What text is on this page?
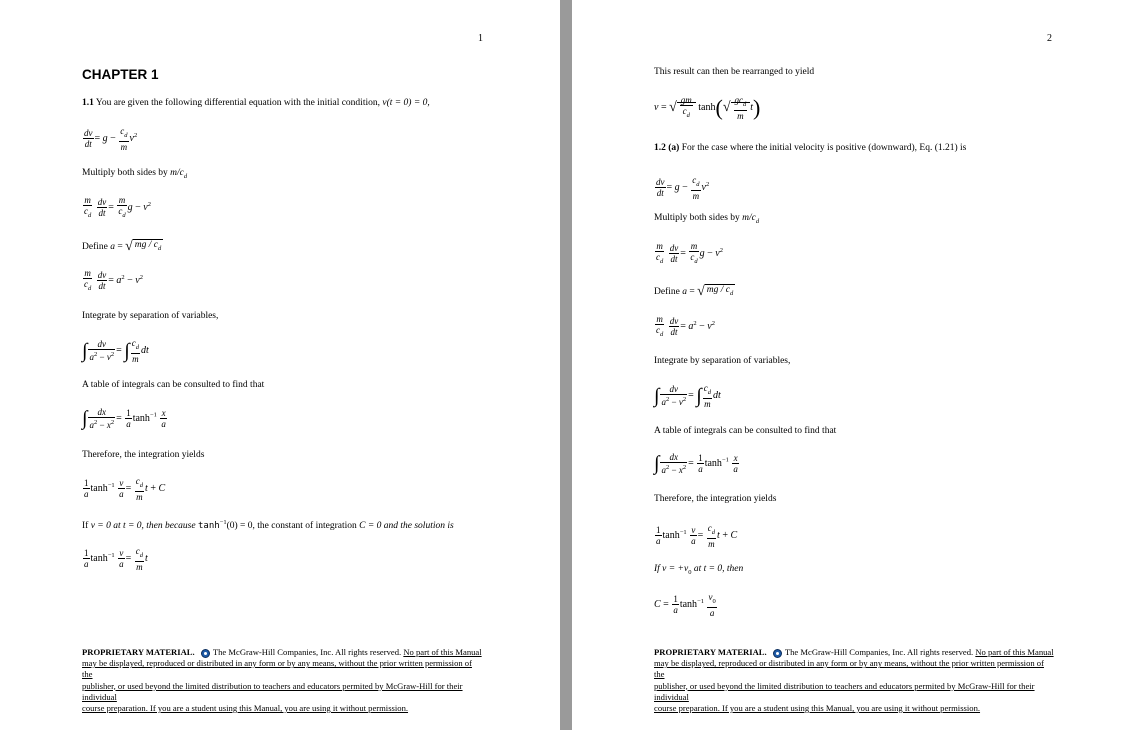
1
CHAPTER 1
1.1 You are given the following differential equation with the initial condition, v(t = 0) = 0,
$\frac{dv}{dt} = g - \frac{c_d}{m} v^2$
Multiply both sides by $m/c_d$
$\frac{m}{c_d}$
$\frac{dv}{dt} = \frac{m}{c_d}$ $g - v^2$
Define a = √ mg / $c_d$
$\frac{m}{c_d}$
$\frac{dv}{dt} = a^2 - v^2$
Integrate by separation of variables,
∫ $\frac{dv}{a^2 - v^2}$ = ∫ $\frac{c_d}{m}$ dt
A table of integrals can be consulted to find that
∫ $\frac{dx}{a^2 - x^2} = \frac{1}{a} \tanh^{-1} \frac{x}{a}$
Therefore, the integration yields
$\frac{1}{a} \tanh^{-1} \frac{v}{a} = \frac{c_d}{m}$ t + C
If v = 0 at t = 0, then because $\tanh^{-1}(0) = 0$, the constant of integration C = 0 and the solution is
$\frac{1}{a} \tanh^{-1} \frac{v}{a} = \frac{c_d}{m}$ t
PROPRIETARY MATERIAL. The McGraw-Hill Companies, Inc. All rights reserved. No part of this Manual
may be displayed, reproduced or distributed in any form or by any means, without the prior written permission of the
publisher, or used beyond the limited distribution to teachers and educators permited by McGraw-Hill for their individual
course preparation. If you are a student using this Manual, you are using it without permission.
2
This result can then be rearranged to yield
v = √ $\frac{gm}{c_d} \tanh(√ \frac{gc_d}{m} t)$
1.2 (a) For the case where the initial velocity is positive (downward), Eq. (1.21) is
$\frac{dv}{dt} = g - \frac{c_d}{m} v^2$
Multiply both sides by $m/c_d$
$\frac{m}{c_d}$
$\frac{dv}{dt} = \frac{m}{c_d}$ $g - v^2$
Define a = √ mg / $c_d$
$\frac{m}{c_d}$
$\frac{dv}{dt} = a^2 - v^2$
Integrate by separation of variables,
∫ $\frac{dv}{a^2 - v^2}$ = ∫ $\frac{c_d}{m}$ dt
A table of integrals can be consulted to find that
∫ $\frac{dx}{a^2 - x^2} = \frac{1}{a} \tanh^{-1} \frac{x}{a}$
Therefore, the integration yields
$\frac{1}{a} \tanh^{-1} \frac{v}{a} = \frac{c_d}{m}$ t + C
If $v = +v_0$ at t = 0, then
$C = \frac{1}{a} \tanh^{-1} \frac{v_0}{a}$
PROPRIETARY MATERIAL. The McGraw-Hill Companies, Inc. All rights reserved. No part of this Manual
may be displayed, reproduced or distributed in any form or by any means, without the prior written permission of the
publisher, or used beyond the limited distribution to teachers and educators permited by McGraw-Hill for their individual
course preparation. If you are a student using this Manual, you are using it without permission.
